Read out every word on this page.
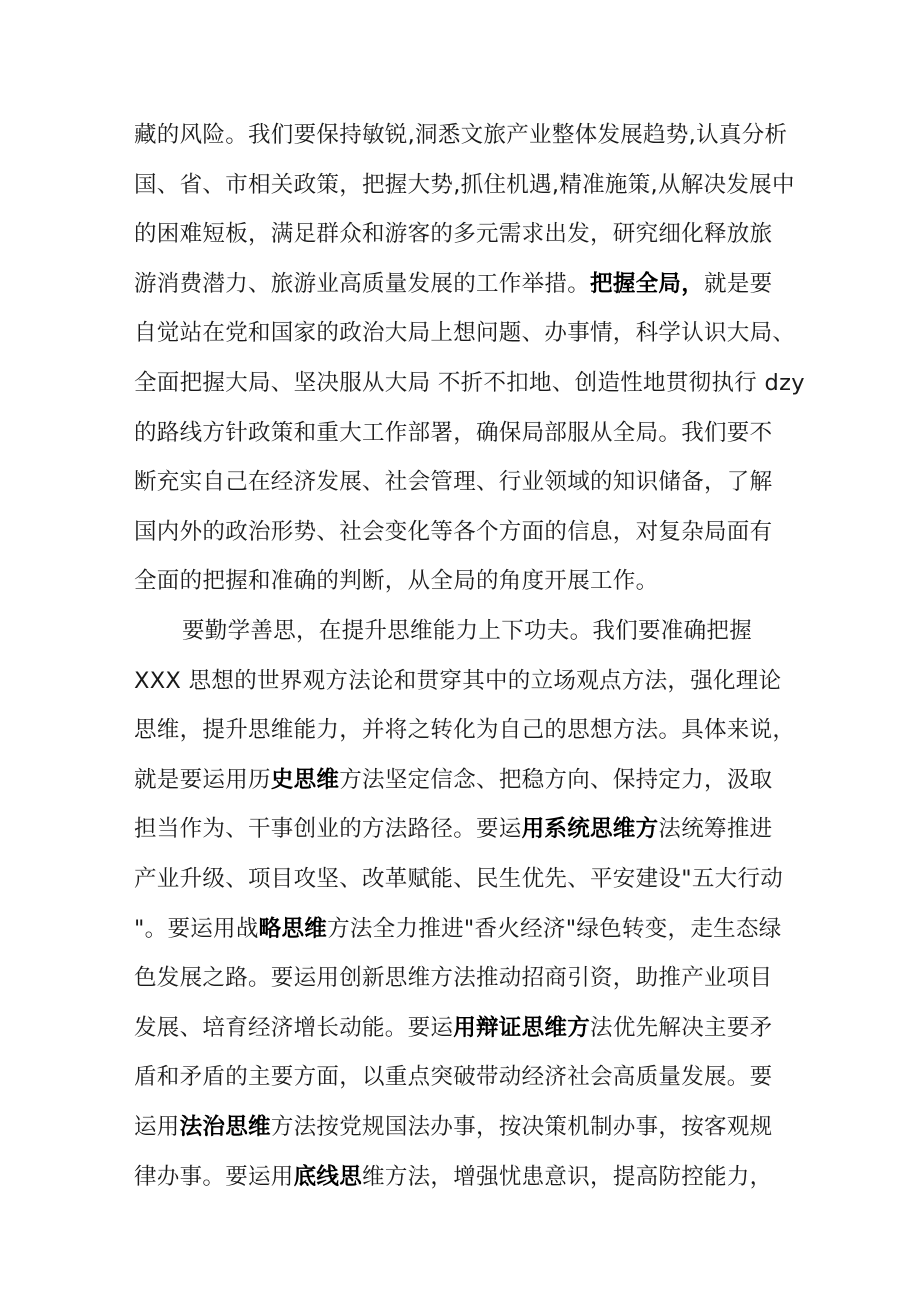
藏的风险。我们要保持敏锐,洞悉文旅产业整体发展趋势,认真分析
国、省、市相关政策，把握大势,抓住机遇,精准施策,从解决发展中
的困难短板，满足群众和游客的多元需求出发，研究细化释放旅
游消费潜力、旅游业高质量发展的工作举措。把握全局，就是要
自觉站在党和国家的政治大局上想问题、办事情，科学认识大局、
全面把握大局、坚决服从大局 不折不扣地、创造性地贯彻执行 dzy
的路线方针政策和重大工作部署，确保局部服从全局。我们要不
断充实自己在经济发展、社会管理、行业领域的知识储备，了解
国内外的政治形势、社会变化等各个方面的信息，对复杂局面有
全面的把握和准确的判断，从全局的角度开展工作。
要勤学善思，在提升思维能力上下功夫。我们要准确把握
XXX 思想的世界观方法论和贯穿其中的立场观点方法，强化理论
思维，提升思维能力，并将之转化为自己的思想方法。具体来说，
就是要运用历史思维方法坚定信念、把稳方向、保持定力，汲取
担当作为、干事创业的方法路径。要运用系统思维方法统筹推进
产业升级、项目攻坚、改革赋能、民生优先、平安建设"五大行动
"。要运用战略思维方法全力推进"香火经济"绿色转变，走生态绿
色发展之路。要运用创新思维方法推动招商引资，助推产业项目
发展、培育经济增长动能。要运用辩证思维方法优先解决主要矛
盾和矛盾的主要方面，以重点突破带动经济社会高质量发展。要
运用法治思维方法按党规国法办事，按决策机制办事，按客观规
律办事。要运用底线思维方法，增强忧患意识，提高防控能力，
